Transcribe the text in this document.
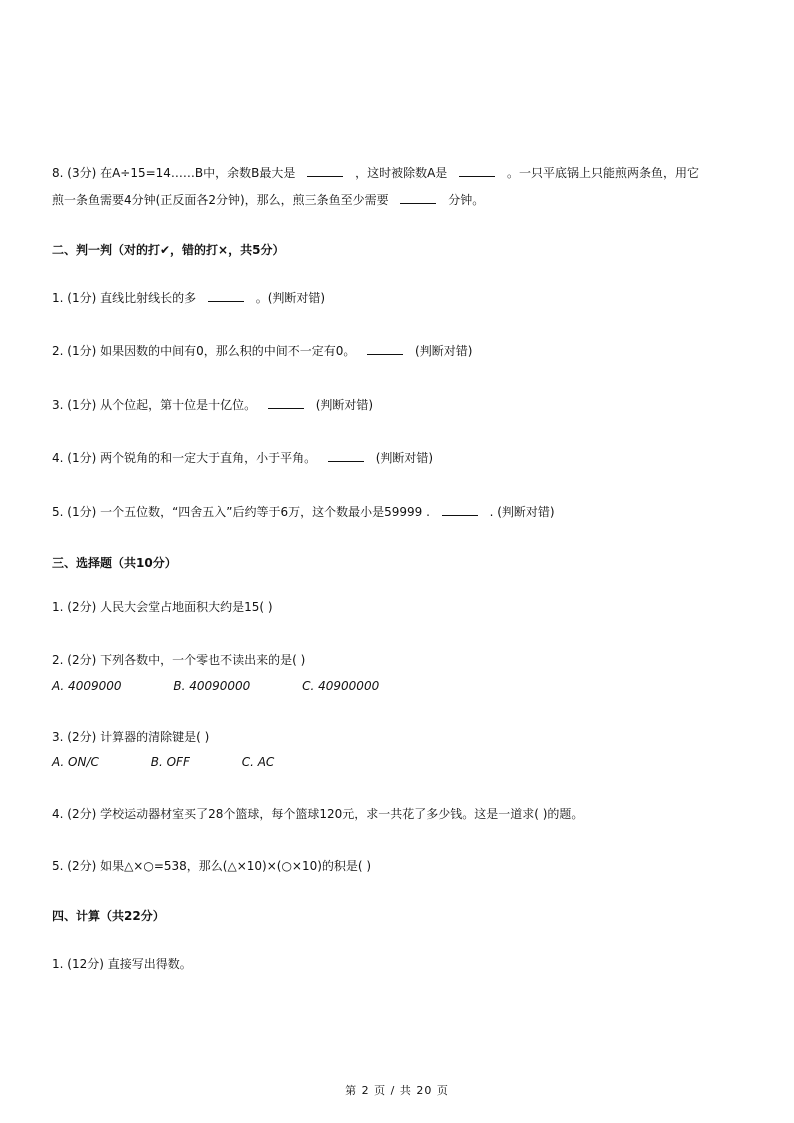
8. (3分) 在A÷15=14……B中，余数B最大是	，这时被除数A是	。一只平底锅上只能煎两条鱼，用它
煎一条鱼需要4分钟(正反面各2分钟)，那么，煎三条鱼至少需要	分钟。
二、判一判（对的打✔，错的打×，共5分）
1. (1分) 直线比射线长的多	。(判断对错)
2. (1分) 如果因数的中间有0，那么积的中间不一定有0。	(判断对错)
3. (1分) 从个位起，第十位是十亿位。	(判断对错)
4. (1分) 两个锐角的和一定大于直角，小于平角。	(判断对错)
5. (1分) 一个五位数，“四舍五入”后约等于6万，这个数最小是59999 .	. (判断对错)
三、选择题（共10分）
1. (2分) 人民大会堂占地面积大约是15( )
2. (2分) 下列各数中，一个零也不读出来的是( )
A. 4009000	B. 40090000	C. 40900000
3. (2分) 计算器的清除键是( )
A. ON/C	B. OFF	C. AC
4. (2分) 学校运动器材室买了28个篮球，每个篮球120元，求一共花了多少钱。这是一道求( )的题。
5. (2分) 如果△×○=538，那么(△×10)×(○×10)的积是( )
四、计算（共22分）
1. (12分) 直接写出得数。
第 2 页 / 共 20 页
